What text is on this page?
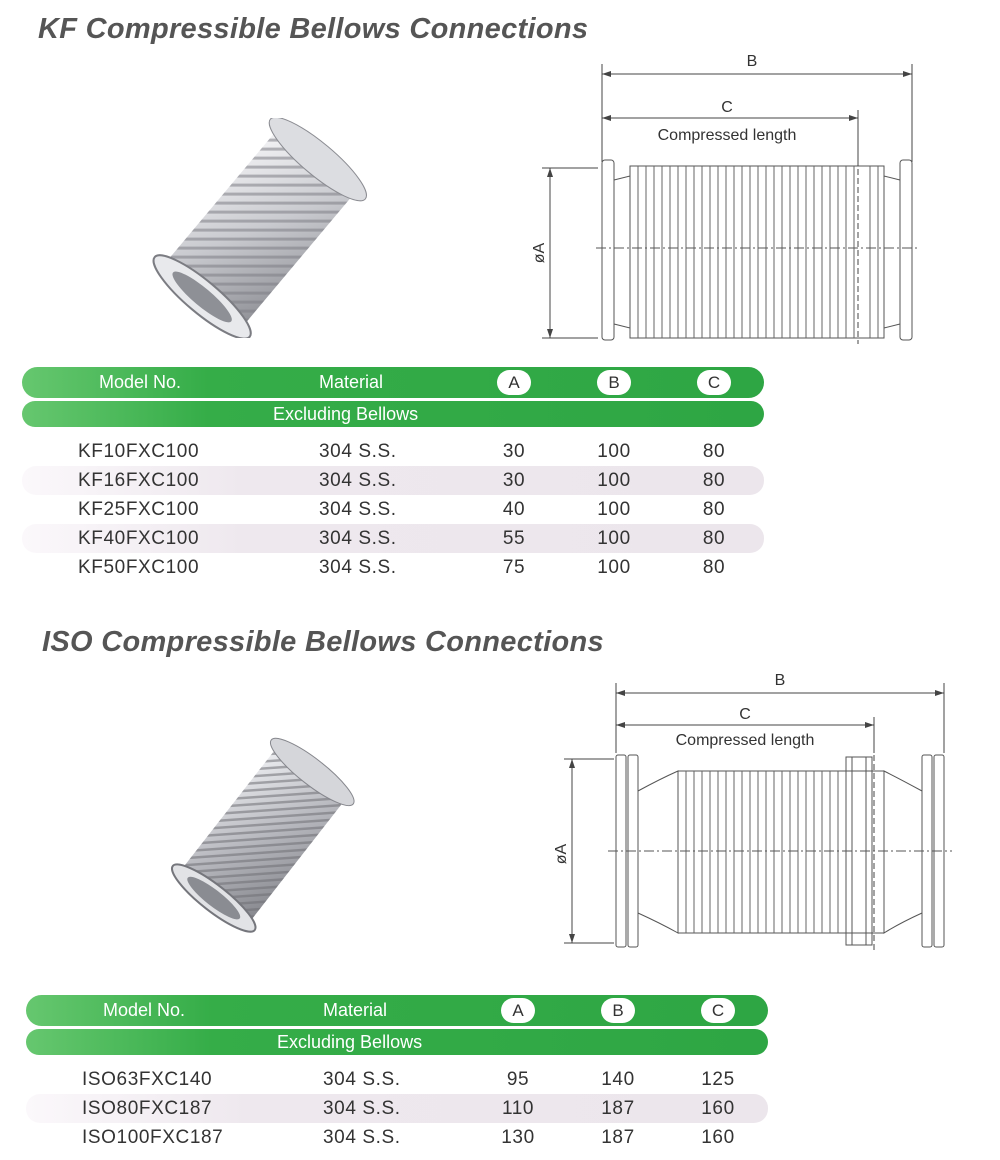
KF Compressible Bellows Connections
B
C
Compressed length
øA
Model No.	Material	A	B	C
Excluding Bellows
KF10FXC100	304 S.S.	30	100	80
KF16FXC100	304 S.S.	30	100	80
KF25FXC100	304 S.S.	40	100	80
KF40FXC100	304 S.S.	55	100	80
KF50FXC100	304 S.S.	75	100	80
ISO Compressible Bellows Connections
B
C
Compressed length
øA
Model No.	Material	A	B	C
Excluding Bellows
ISO63FXC140	304 S.S.	95	140	125
ISO80FXC187	304 S.S.	110	187	160
ISO100FXC187	304 S.S.	130	187	160
